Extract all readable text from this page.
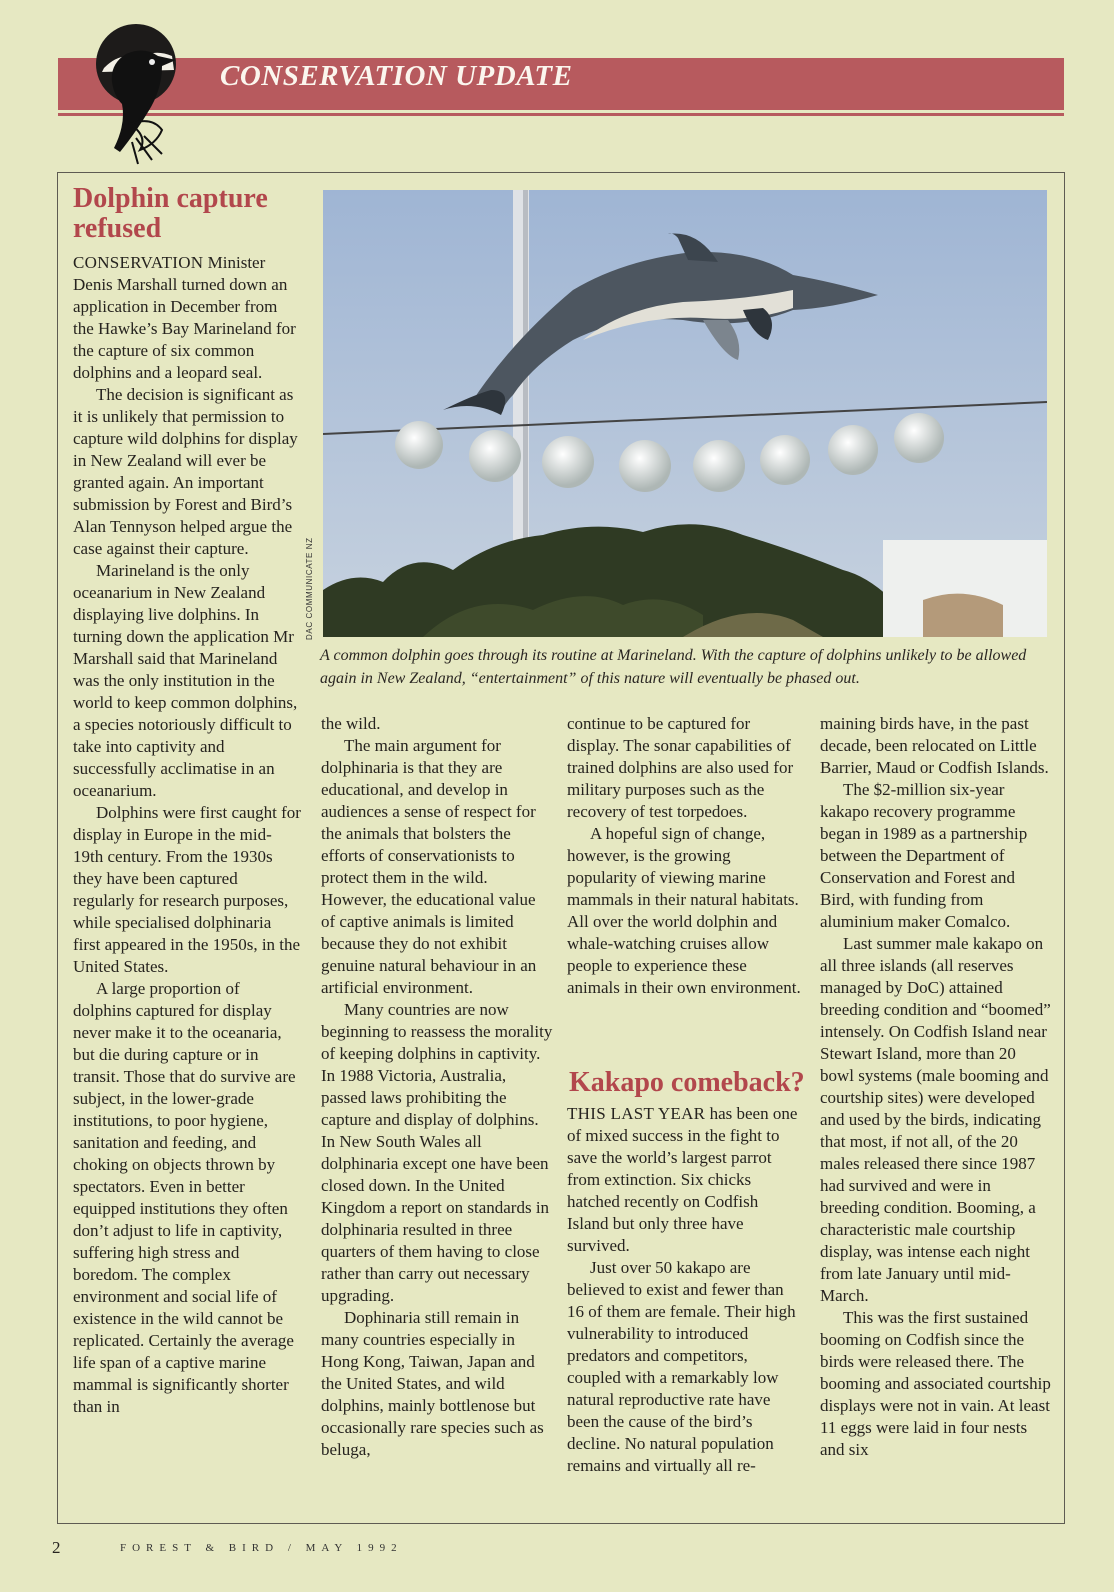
CONSERVATION UPDATE
DAC COMMUNICATE NZ
A common dolphin goes through its routine at Marineland. With the capture of dolphins unlikely to be allowed again in New Zealand, “entertainment” of this nature will eventually be phased out.
Dolphin capture refused

CONSERVATION Minister Denis Marshall turned down an application in December from the Hawke’s Bay Marineland for the capture of six common dolphins and a leopard seal.

The decision is significant as it is unlikely that permission to capture wild dolphins for display in New Zealand will ever be granted again. An important submission by Forest and Bird’s Alan Tennyson helped argue the case against their capture.

Marineland is the only oceanarium in New Zealand displaying live dolphins. In turning down the application Mr Marshall said that Marineland was the only institution in the world to keep common dolphins, a species notoriously difficult to take into captivity and successfully acclimatise in an oceanarium.

Dolphins were first caught for display in Europe in the mid-19th century. From the 1930s they have been captured regularly for research purposes, while specialised dolphinaria first appeared in the 1950s, in the United States.

A large proportion of dolphins captured for display never make it to the oceanaria, but die during capture or in transit. Those that do survive are subject, in the lower-grade institutions, to poor hygiene, sanitation and feeding, and choking on objects thrown by spectators. Even in better equipped institutions they often don’t adjust to life in captivity, suffering high stress and boredom. The complex environment and social life of existence in the wild cannot be replicated. Certainly the average life span of a captive marine mammal is significantly shorter than in

the wild.

The main argument for dolphinaria is that they are educational, and develop in audiences a sense of respect for the animals that bolsters the efforts of conservationists to protect them in the wild. However, the educational value of captive animals is limited because they do not exhibit genuine natural behaviour in an artificial environment.

Many countries are now beginning to reassess the morality of keeping dolphins in captivity. In 1988 Victoria, Australia, passed laws prohibiting the capture and display of dolphins. In New South Wales all dolphinaria except one have been closed down. In the United Kingdom a report on standards in dolphinaria resulted in three quarters of them having to close rather than carry out necessary upgrading.

Dophinaria still remain in many countries especially in Hong Kong, Taiwan, Japan and the United States, and wild dolphins, mainly bottlenose but occasionally rare species such as beluga,

continue to be captured for display. The sonar capabilities of trained dolphins are also used for military purposes such as the recovery of test torpedoes.

A hopeful sign of change, however, is the growing popularity of viewing marine mammals in their natural habitats. All over the world dolphin and whale-watching cruises allow people to experience these animals in their own environment.

Kakapo comeback?

THIS LAST YEAR has been one of mixed success in the fight to save the world’s largest parrot from extinction. Six chicks hatched recently on Codfish Island but only three have survived.

Just over 50 kakapo are believed to exist and fewer than 16 of them are female. Their high vulnerability to introduced predators and competitors, coupled with a remarkably low natural reproductive rate have been the cause of the bird’s decline. No natural population remains and virtually all re-

maining birds have, in the past decade, been relocated on Little Barrier, Maud or Codfish Islands.

The $2-million six-year kakapo recovery programme began in 1989 as a partnership between the Department of Conservation and Forest and Bird, with funding from aluminium maker Comalco.

Last summer male kakapo on all three islands (all reserves managed by DoC) attained breeding condition and “boomed” intensely. On Codfish Island near Stewart Island, more than 20 bowl systems (male booming and courtship sites) were developed and used by the birds, indicating that most, if not all, of the 20 males released there since 1987 had survived and were in breeding condition. Booming, a characteristic male courtship display, was intense each night from late January until mid-March.

This was the first sustained booming on Codfish since the birds were released there. The booming and associated courtship displays were not in vain. At least 11 eggs were laid in four nests and six

2	FOREST & BIRD / MAY 1992
